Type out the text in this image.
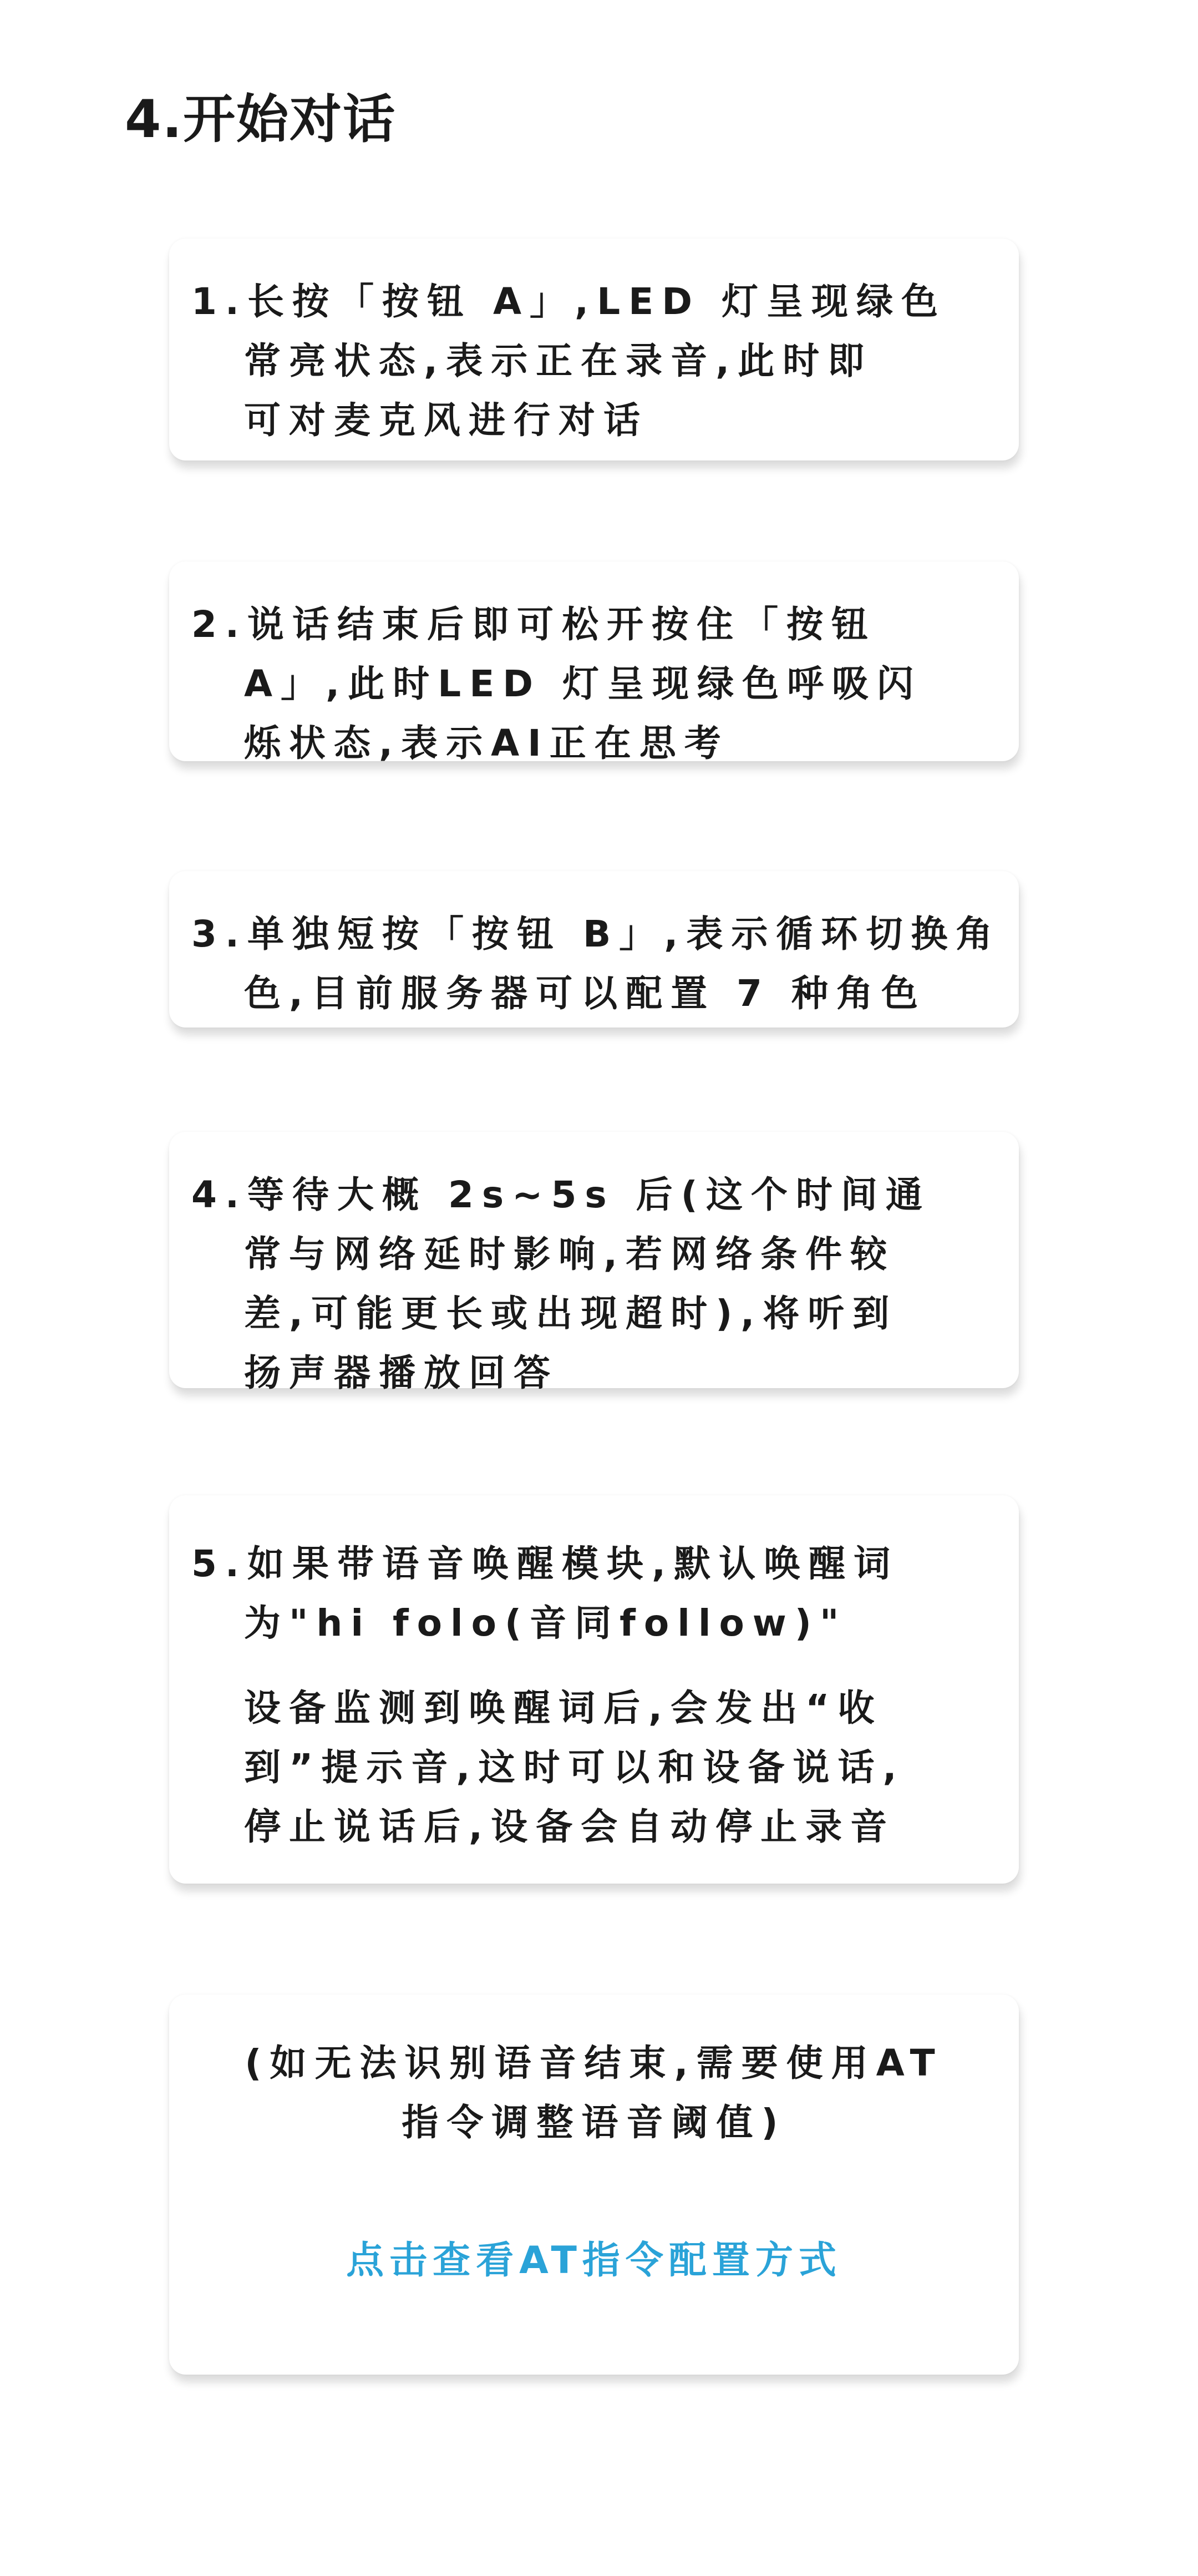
4.开始对话
1.长按「按钮 A」,LED 灯呈现绿色
常亮状态,表示正在录音,此时即
可对麦克风进行对话
2.说话结束后即可松开按住「按钮
A」,此时LED 灯呈现绿色呼吸闪
烁状态,表示AI正在思考
3.单独短按「按钮 B」,表示循环切换角
色,目前服务器可以配置 7 种角色
4.等待大概 2s~5s 后(这个时间通
常与网络延时影响,若网络条件较
差,可能更长或出现超时),将听到
扬声器播放回答
5.如果带语音唤醒模块,默认唤醒词
为"hi folo(音同follow)"
设备监测到唤醒词后,会发出“收
到”提示音,这时可以和设备说话,
停止说话后,设备会自动停止录音
(如无法识别语音结束,需要使用AT
指令调整语音阈值)
点击查看AT指令配置方式
